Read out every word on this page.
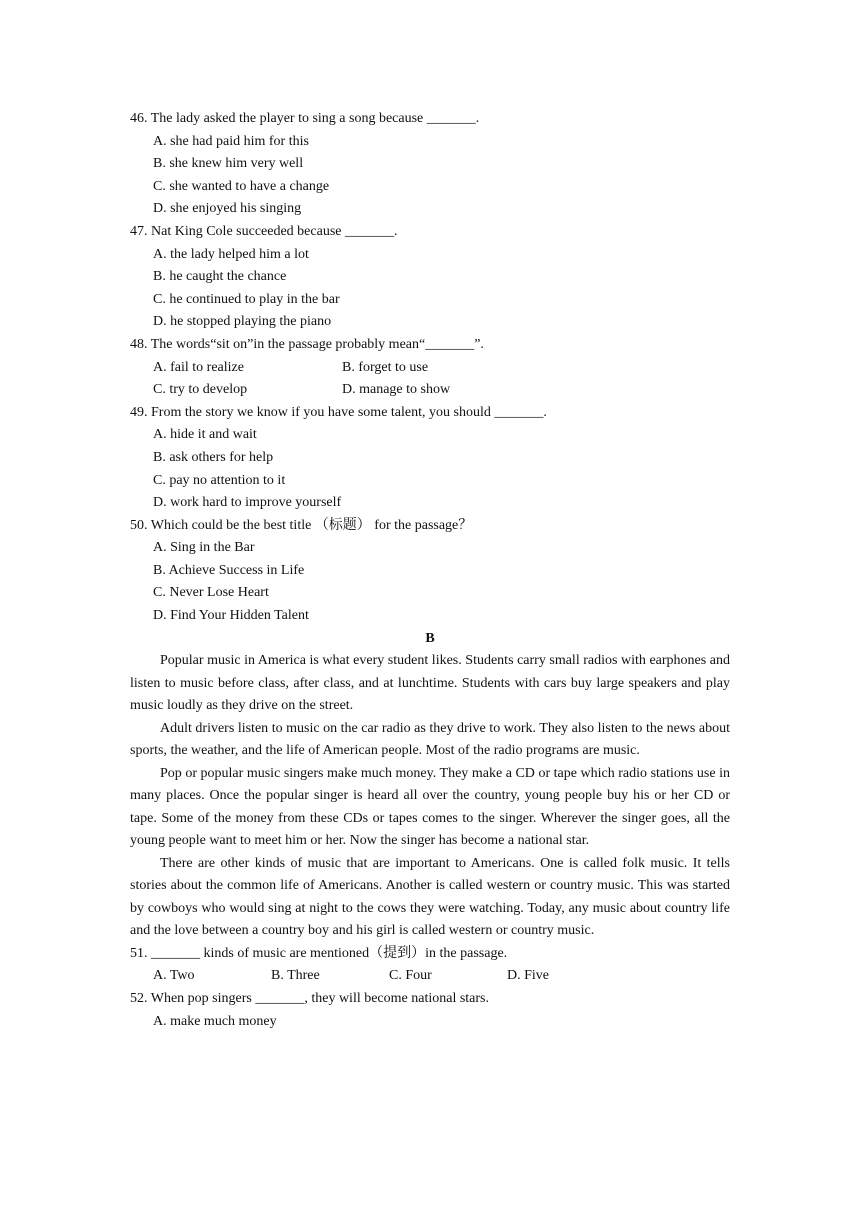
46. The lady asked the player to sing a song because _______.
A. she had paid him for this
B. she knew him very well
C. she wanted to have a change
D. she enjoyed his singing
47. Nat King Cole succeeded because _______.
A. the lady helped him a lot
B. he caught the chance
C. he continued to play in the bar
D. he stopped playing the piano
48. The words“sit on”in the passage probably mean“_______”.
A. fail to realize	B. forget to use
C. try to develop	D. manage to show
49. From the story we know if you have some talent, you should _______.
A. hide it and wait
B. ask others for help
C. pay no attention to it
D. work hard to improve yourself
50. Which could be the best title （标题） for the passage？
A. Sing in the Bar
B. Achieve Success in Life
C. Never Lose Heart
D. Find Your Hidden Talent
B

Popular music in America is what every student likes. Students carry small radios with earphones and listen to music before class, after class, and at lunchtime. Students with cars buy large speakers and play music loudly as they drive on the street.

Adult drivers listen to music on the car radio as they drive to work. They also listen to the news about sports, the weather, and the life of American people. Most of the radio programs are music.

Pop or popular music singers make much money. They make a CD or tape which radio stations use in many places. Once the popular singer is heard all over the country, young people buy his or her CD or tape. Some of the money from these CDs or tapes comes to the singer. Wherever the singer goes, all the young people want to meet him or her. Now the singer has become a national star.

There are other kinds of music that are important to Americans. One is called folk music. It tells stories about the common life of Americans. Another is called western or country music. This was started by cowboys who would sing at night to the cows they were watching. Today, any music about country life and the love between a country boy and his girl is called western or country music.

51. _______ kinds of music are mentioned（提到）in the passage.
A. Two	B. Three	C. Four	D. Five
52. When pop singers _______, they will become national stars.
A. make much money
